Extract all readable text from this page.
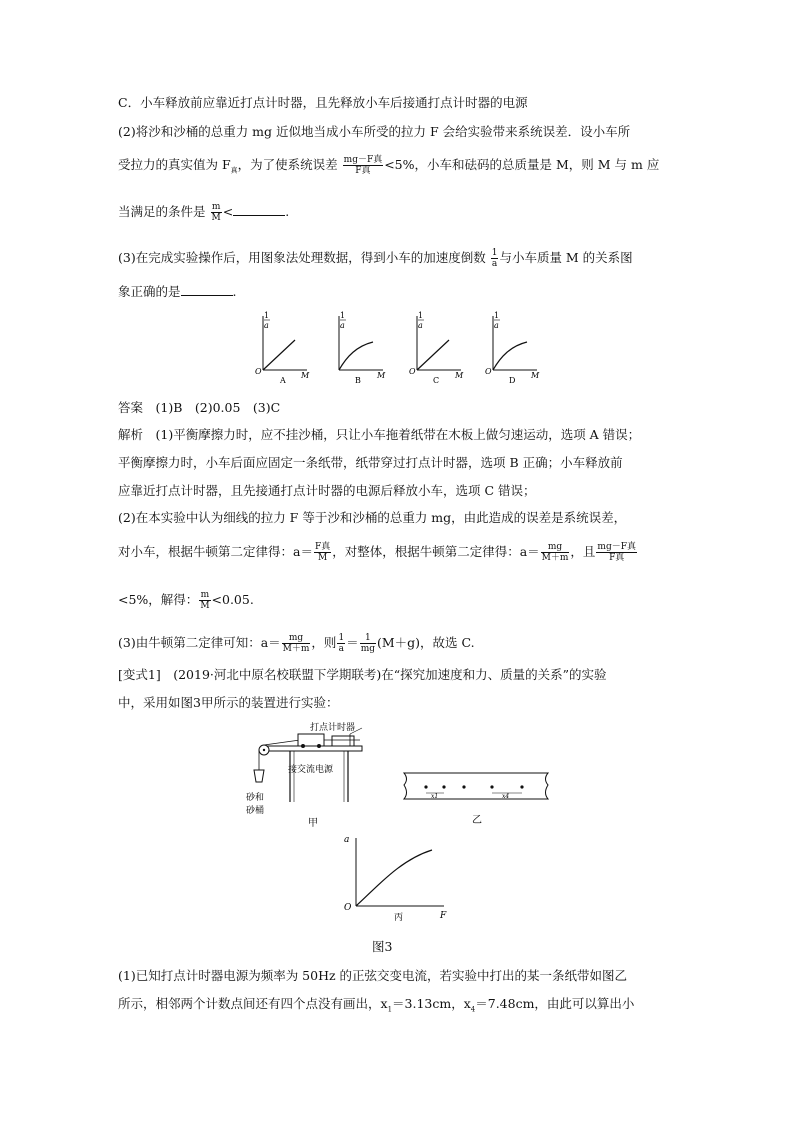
C．小车释放前应靠近打点计时器，且先释放小车后接通打点计时器的电源
(2)将沙和沙桶的总重力 mg 近似地当成小车所受的拉力 F 会给实验带来系统误差．设小车所
受拉力的真实值为 $F_真$，为了使系统误差 $\frac{\text{mg－F真}}{\text{F真}} <5\%$，小车和砝码的总质量是 M，则 M 与 m 应
当满足的条件是 $\frac{m}{M}$ <	.
(3)在完成实验操作后，用图象法处理数据，得到小车的加速度倒数 $\frac{1}{a}$ 与小车质量 M 的关系图
象正确的是	.
1
a
O	M
A
1
a
M
B
1
a
O	M
C
1
a
O	M
D
答案　(1)B　(2)0.05　(3)C
解析　(1)平衡摩擦力时，应不挂沙桶，只让小车拖着纸带在木板上做匀速运动，选项 A 错误；
平衡摩擦力时，小车后面应固定一条纸带，纸带穿过打点计时器，选项 B 正确；小车释放前
应靠近打点计时器，且先接通打点计时器的电源后释放小车，选项 C 错误；
(2)在本实验中认为细线的拉力 F 等于沙和沙桶的总重力 mg，由此造成的误差是系统误差，
对小车，根据牛顿第二定律得：$a= \frac{\text{F真}}{M}$ ，对整体，根据牛顿第二定律得：$a= \frac{mg}{M+m}$ ，且 $\frac{\text{mg－F真}}{\text{F真}}$
<5%，解得： $\frac{m}{M} <0.05$.
(3)由牛顿第二定律可知：$a= \frac{mg}{M+m}$ ，则 $\frac{1}{a} = \frac{1}{mg} (M+g)$，故选 C.
[变式1]　(2019·河北中原名校联盟下学期联考)在“探究加速度和力、质量的关系”的实验
中，采用如图3甲所示的装置进行实验：
打点计时器
接交流电源
砂和
砂桶
甲
x1	x4
乙
a
O
F
丙
图3
(1)已知打点计时器电源为频率为 50Hz 的正弦交变电流，若实验中打出的某一条纸带如图乙
所示，相邻两个计数点间还有四个点没有画出，$x_1=3.13cm$，$x_4=7.48cm$，由此可以算出小
